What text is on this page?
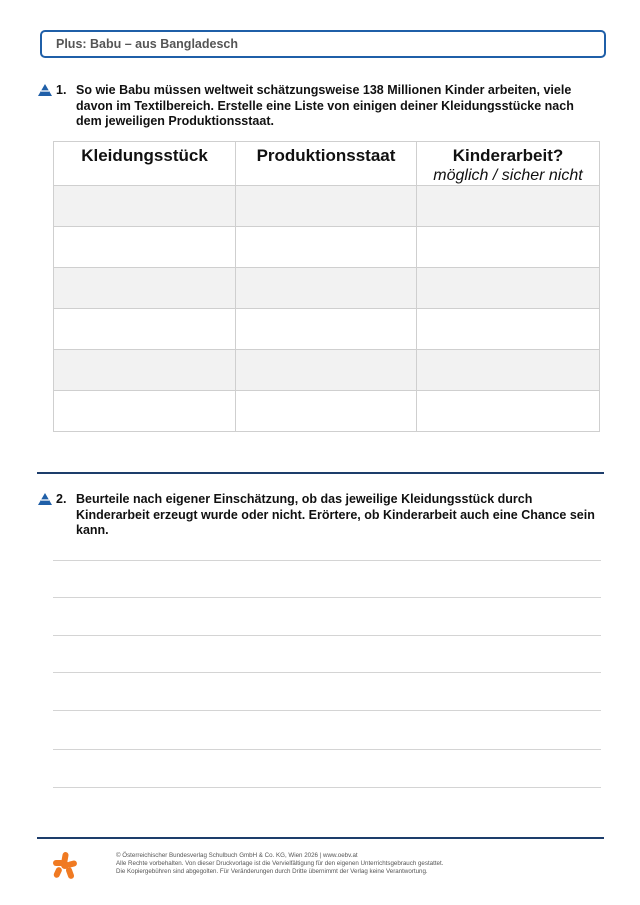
Plus: Babu – aus Bangladesch
1. So wie Babu müssen weltweit schätzungsweise 138 Millionen Kinder arbeiten, viele davon im Textilbereich. Erstelle eine Liste von einigen deiner Kleidungsstücke nach dem jeweiligen Produktionsstaat.
Kleidungsstück	Produktionsstaat	Kinderarbeit?
möglich / sicher nicht

2. Beurteile nach eigener Einschätzung, ob das jeweilige Kleidungsstück durch Kinderarbeit erzeugt wurde oder nicht. Erörtere, ob Kinderarbeit auch eine Chance sein kann.
© Österreichischer Bundesverlag Schulbuch GmbH & Co. KG, Wien 2026 | www.oebv.at
Alle Rechte vorbehalten. Von dieser Druckvorlage ist die Vervielfältigung für den eigenen Unterrichtsgebrauch gestattet.
Die Kopiergebühren sind abgegolten. Für Veränderungen durch Dritte übernimmt der Verlag keine Verantwortung.
